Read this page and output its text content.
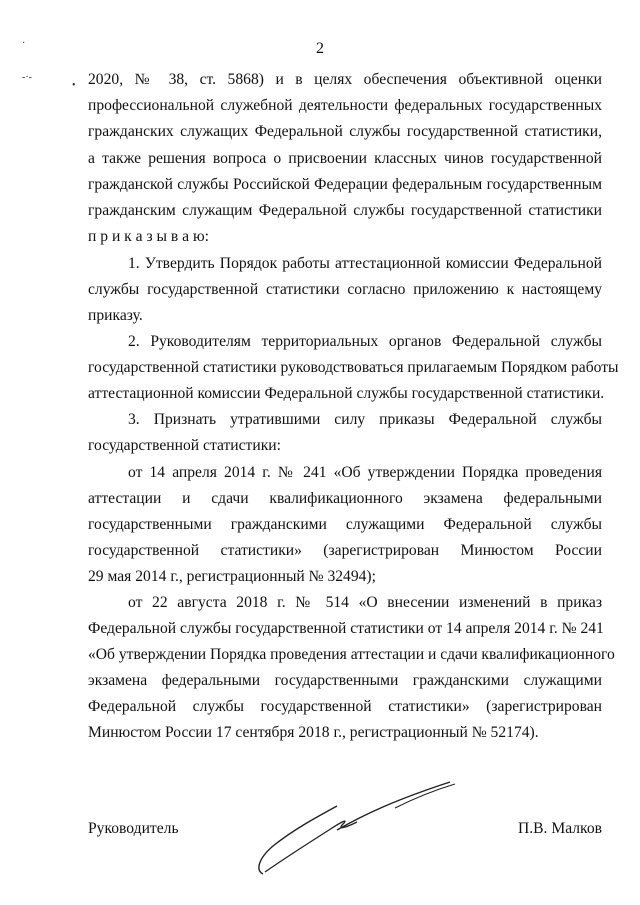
2
·
-·-
• 2020, № 38, ст. 5868) и в целях обеспечения объективной оценки
профессиональной служебной деятельности федеральных государственных
гражданских служащих Федеральной службы государственной статистики,
а также решения вопроса о присвоении классных чинов государственной
гражданской службы Российской Федерации федеральным государственным
гражданским служащим Федеральной службы государственной статистики
п р и к а з ы в а ю:
1. Утвердить Порядок работы аттестационной комиссии Федеральной
службы государственной статистики согласно приложению к настоящему
приказу.
2. Руководителям территориальных органов Федеральной службы
государственной статистики руководствоваться прилагаемым Порядком работы
аттестационной комиссии Федеральной службы государственной статистики.
3. Признать утратившими силу приказы Федеральной службы
государственной статистики:
от 14 апреля 2014 г. № 241 «Об утверждении Порядка проведения
аттестации и сдачи квалификационного экзамена федеральными
государственными гражданскими служащими Федеральной службы
государственной статистики» (зарегистрирован Минюстом России
29 мая 2014 г., регистрационный № 32494);
от 22 августа 2018 г. № 514 «О внесении изменений в приказ
Федеральной службы государственной статистики от 14 апреля 2014 г. № 241
«Об утверждении Порядка проведения аттестации и сдачи квалификационного
экзамена федеральными государственными гражданскими служащими
Федеральной службы государственной статистики» (зарегистрирован
Минюстом России 17 сентября 2018 г., регистрационный № 52174).
Руководитель	П.В. Малков
